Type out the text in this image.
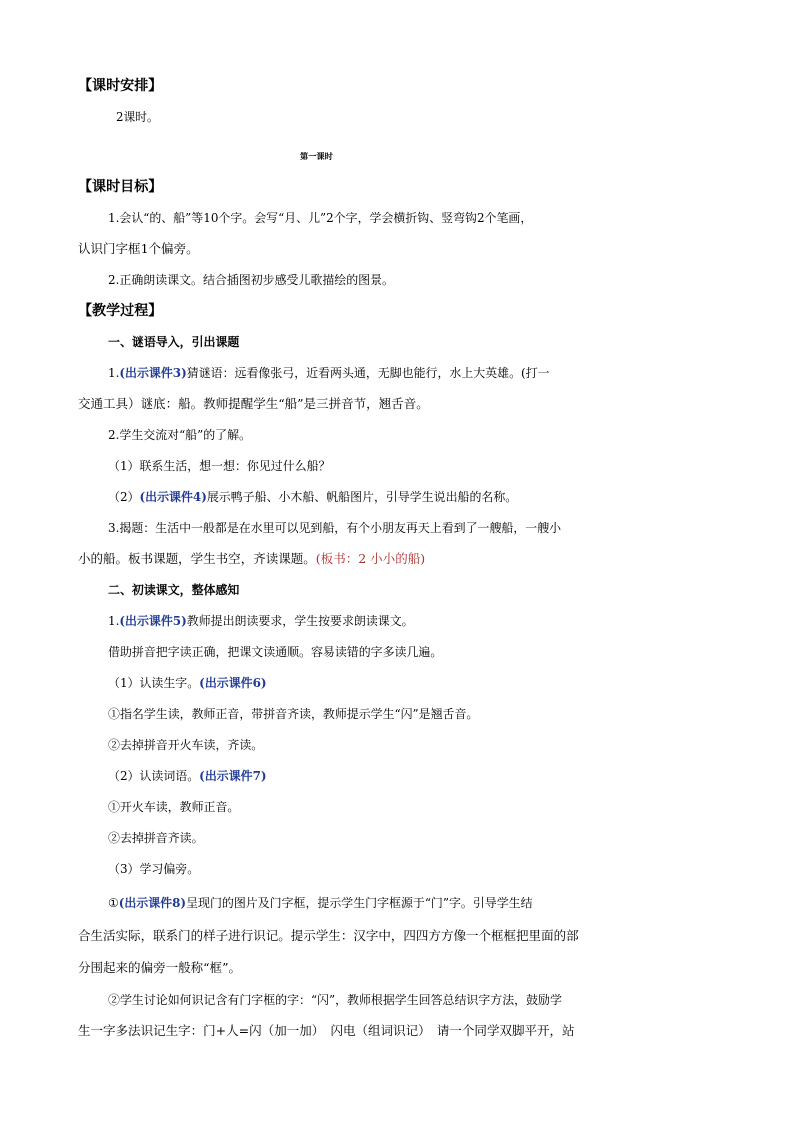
【课时安排】
2课时。
第一课时
【课时目标】
1.会认“的、船”等10个字。会写“月、儿”2个字，学会横折钩、竖弯钩2个笔画，
认识门字框1个偏旁。
2.正确朗读课文。结合插图初步感受儿歌描绘的图景。
【教学过程】
一、谜语导入，引出课题
1.(出示课件3)猜谜语：远看像张弓，近看两头通，无脚也能行，水上大英雄。(打一
交通工具）谜底：船。教师提醒学生“船”是三拼音节，翘舌音。
2.学生交流对“船”的了解。
（1）联系生活，想一想：你见过什么船？
（2）(出示课件4)展示鸭子船、小木船、帆船图片，引导学生说出船的名称。
3.揭题：生活中一般都是在水里可以见到船，有个小朋友再天上看到了一艘船，一艘小
小的船。板书课题，学生书空，齐读课题。(板书：2 小小的船)
二、初读课文，整体感知
1.(出示课件5)教师提出朗读要求，学生按要求朗读课文。
借助拼音把字读正确，把课文读通顺。容易读错的字多读几遍。
（1）认读生字。(出示课件6)
①指名学生读，教师正音，带拼音齐读，教师提示学生“闪”是翘舌音。
②去掉拼音开火车读，齐读。
（2）认读词语。(出示课件7)
①开火车读，教师正音。
②去掉拼音齐读。
（3）学习偏旁。
①(出示课件8)呈现门的图片及门字框，提示学生门字框源于“门”字。引导学生结
合生活实际，联系门的样子进行识记。提示学生：汉字中，四四方方像一个框框把里面的部
分围起来的偏旁一般称“框”。
②学生讨论如何识记含有门字框的字：“闪”，教师根据学生回答总结识字方法，鼓励学
生一字多法识记生字：门+人=闪（加一加）　闪电（组词识记）　请一个同学双脚平开，站
